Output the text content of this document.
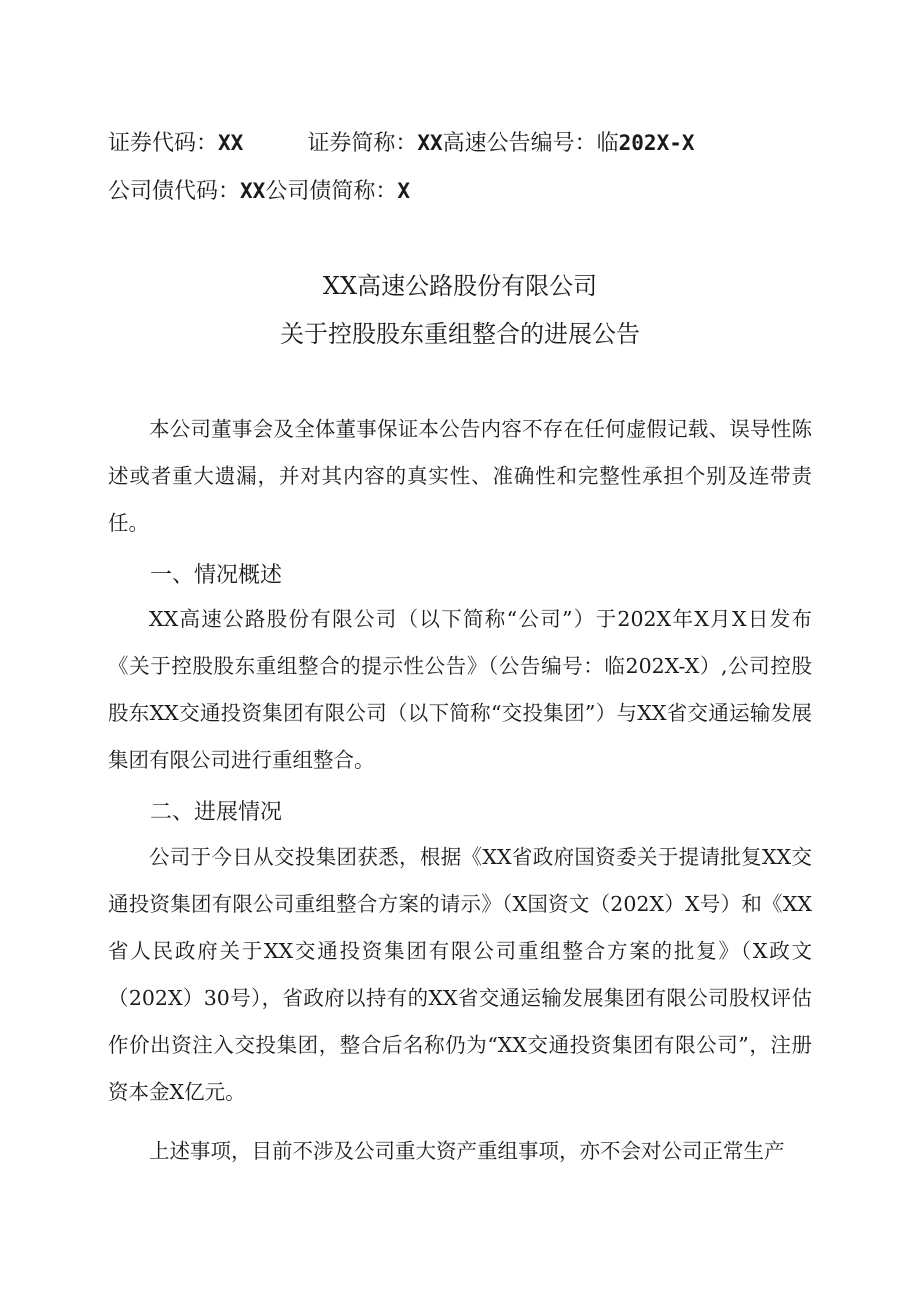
证券代码：XX	证券简称：XX高速公告编号：临202X-X
公司债代码：XX公司债简称：X
XX高速公路股份有限公司
关于控股股东重组整合的进展公告
本公司董事会及全体董事保证本公告内容不存在任何虚假记载、误导性陈述或者重大遗漏，并对其内容的真实性、准确性和完整性承担个别及连带责任。
一、情况概述
XX高速公路股份有限公司（以下简称“公司”）于202X年X月X日发布《关于控股股东重组整合的提示性公告》（公告编号：临202X-X）,公司控股股东XX交通投资集团有限公司（以下简称“交投集团”）与XX省交通运输发展集团有限公司进行重组整合。
二、进展情况
公司于今日从交投集团获悉，根据《XX省政府国资委关于提请批复XX交通投资集团有限公司重组整合方案的请示》（X国资文（202X）X号）和《XX省人民政府关于XX交通投资集团有限公司重组整合方案的批复》（X政文（202X）30号），省政府以持有的XX省交通运输发展集团有限公司股权评估作价出资注入交投集团，整合后名称仍为“XX交通投资集团有限公司”，注册资本金X亿元。
上述事项，目前不涉及公司重大资产重组事项，亦不会对公司正常生产
